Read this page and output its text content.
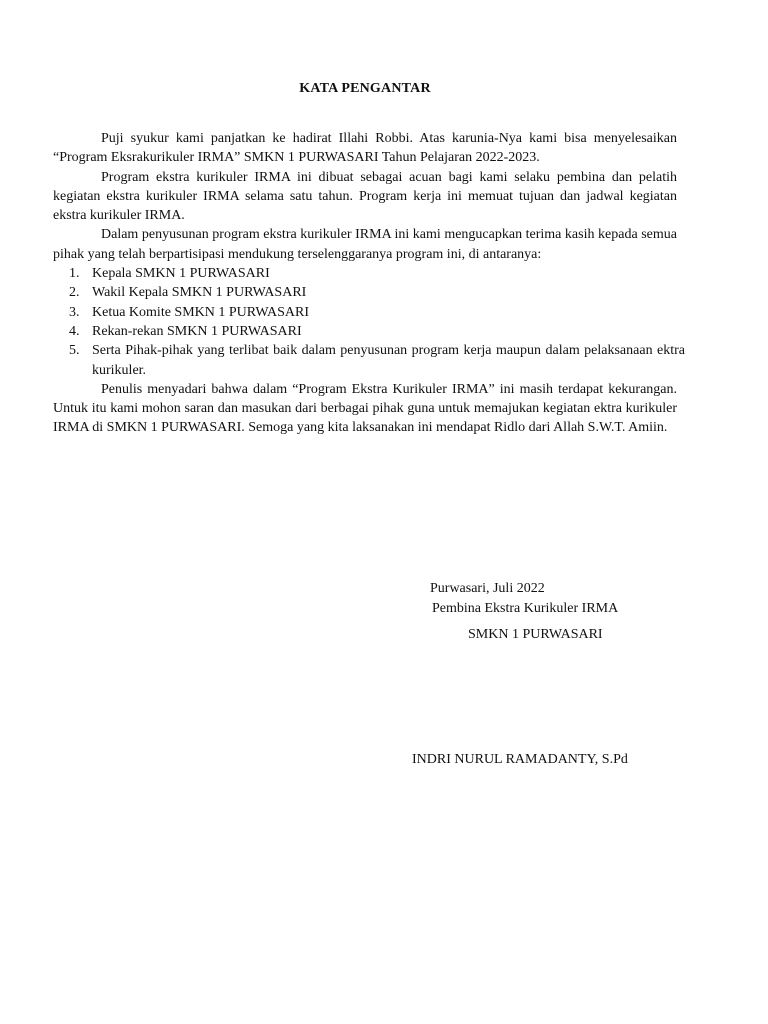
KATA PENGANTAR

Puji syukur kami panjatkan ke hadirat Illahi Robbi. Atas karunia-Nya kami bisa menyelesaikan “Program Eksrakurikuler IRMA” SMKN 1 PURWASARI Tahun Pelajaran 2022-2023.

Program ekstra kurikuler IRMA ini dibuat sebagai acuan bagi kami selaku pembina dan pelatih kegiatan ekstra kurikuler IRMA selama satu tahun. Program kerja ini memuat tujuan dan jadwal kegiatan ekstra kurikuler IRMA.

Dalam penyusunan program ekstra kurikuler IRMA ini kami mengucapkan terima kasih kepada semua pihak yang telah berpartisipasi mendukung terselenggaranya program ini, di antaranya:

1. Kepala SMKN 1 PURWASARI
2. Wakil Kepala SMKN 1 PURWASARI
3. Ketua Komite SMKN 1 PURWASARI
4. Rekan-rekan SMKN 1 PURWASARI
5. Serta Pihak-pihak yang terlibat baik dalam penyusunan program kerja maupun dalam pelaksanaan ektra kurikuler.

Penulis menyadari bahwa dalam “Program Ekstra Kurikuler IRMA” ini masih terdapat kekurangan. Untuk itu kami mohon saran dan masukan dari berbagai pihak guna untuk memajukan kegiatan ektra kurikuler IRMA di SMKN 1 PURWASARI. Semoga yang kita laksanakan ini mendapat Ridlo dari Allah S.W.T. Amiin.

Purwasari, Juli 2022
Pembina Ekstra Kurikuler IRMA
SMKN 1 PURWASARI
INDRI NURUL RAMADANTY, S.Pd
